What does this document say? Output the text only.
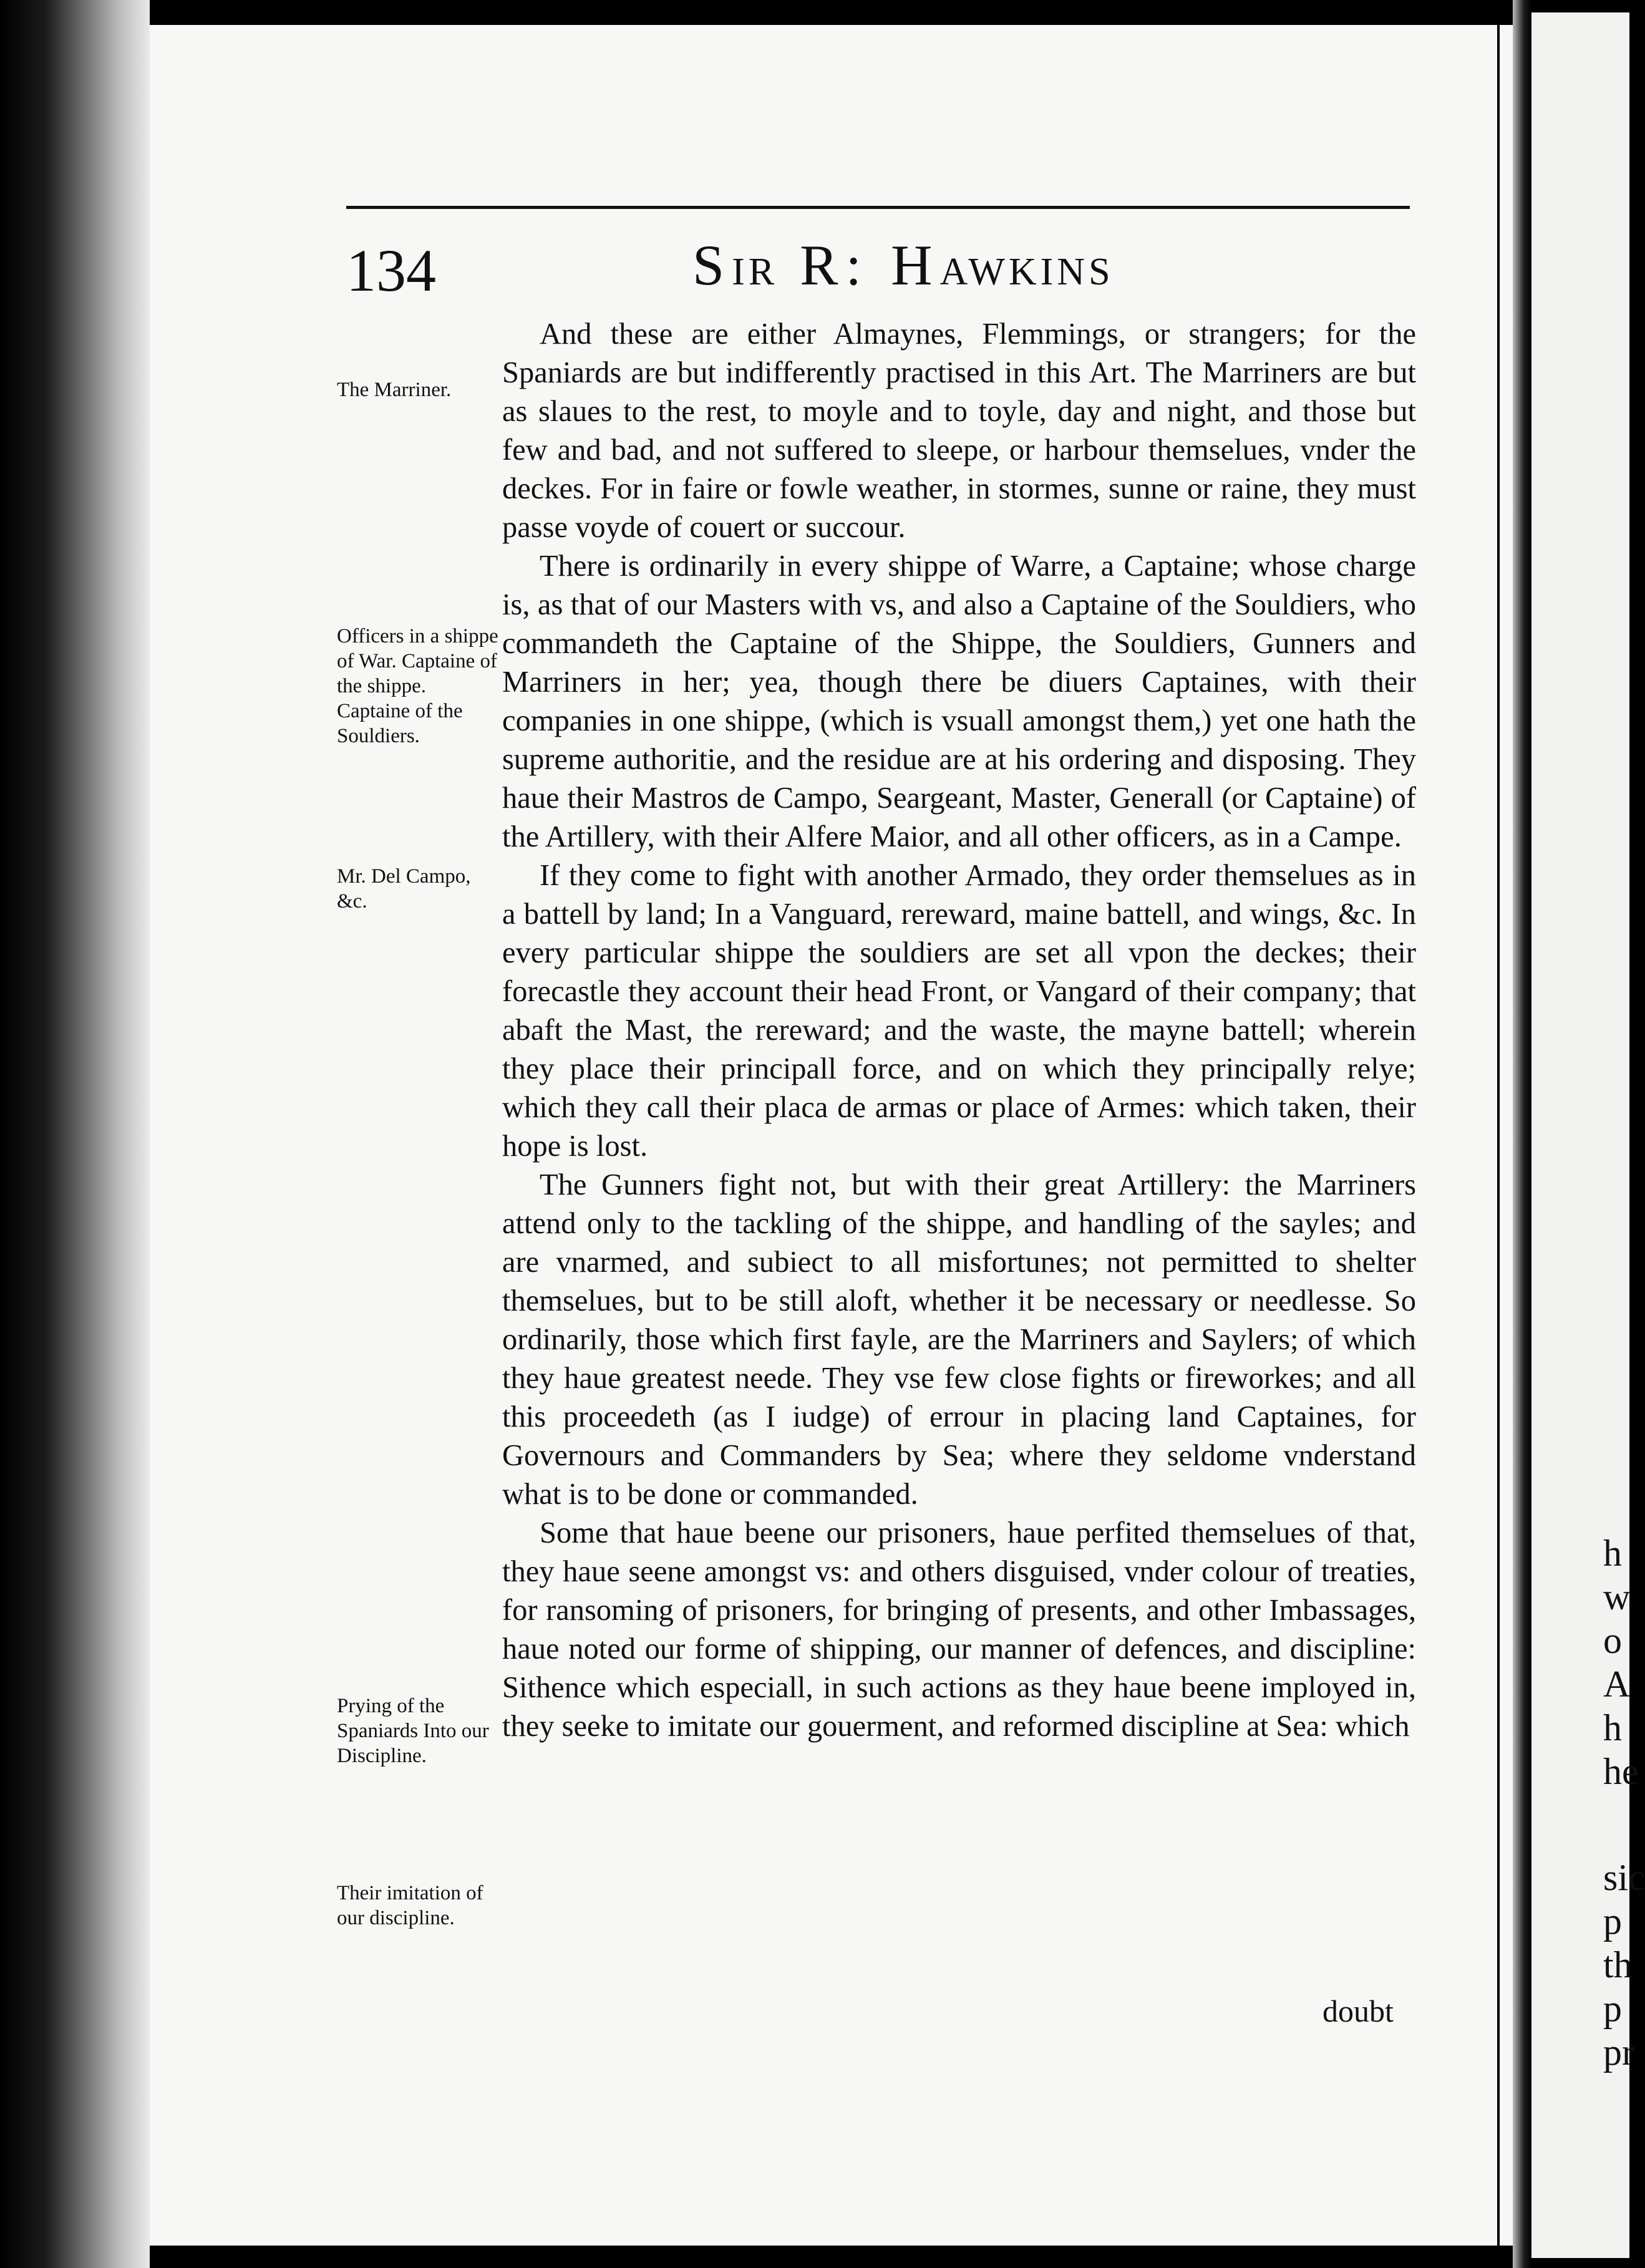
h
w
o
A
h
he
sic
p
th
p
pr
134	SIR R: HAWKINS

The Marriner.

Officers in a shippe of War. Captaine of the shippe. Captaine of the Souldiers.

Mr. Del Campo, &c.

Prying of the Spaniards Into our Discipline.

Their imitation of our discipline.

And these are either Almaynes, Flemmings, or strangers; for the Spaniards are but indifferently practised in this Art. The Marriners are but as slaues to the rest, to moyle and to toyle, day and night, and those but few and bad, and not suffered to sleepe, or harbour themselues, vnder the deckes. For in faire or fowle weather, in stormes, sunne or raine, they must passe voyde of couert or succour.

There is ordinarily in every shippe of Warre, a Captaine; whose charge is, as that of our Masters with vs, and also a Captaine of the Souldiers, who commandeth the Captaine of the Shippe, the Souldiers, Gunners and Marriners in her; yea, though there be diuers Captaines, with their companies in one shippe, (which is vsuall amongst them,) yet one hath the supreme authoritie, and the residue are at his ordering and disposing. They haue their Mastros de Campo, Seargeant, Master, Generall (or Captaine) of the Artillery, with their Alfere Maior, and all other officers, as in a Campe.

If they come to fight with another Armado, they order themselues as in a battell by land; In a Vanguard, rereward, maine battell, and wings, &c. In every particular shippe the souldiers are set all vpon the deckes; their forecastle they account their head Front, or Vangard of their company; that abaft the Mast, the rereward; and the waste, the mayne battell; wherein they place their principall force, and on which they principally relye; which they call their placa de armas or place of Armes: which taken, their hope is lost.

The Gunners fight not, but with their great Artillery: the Marriners attend only to the tackling of the shippe, and handling of the sayles; and are vnarmed, and subiect to all misfortunes; not permitted to shelter themselues, but to be still aloft, whether it be necessary or needlesse. So ordinarily, those which first fayle, are the Marriners and Saylers; of which they haue greatest neede. They vse few close fights or fireworkes; and all this proceedeth (as I iudge) of errour in placing land Captaines, for Governours and Commanders by Sea; where they seldome vnderstand what is to be done or commanded.

Some that haue beene our prisoners, haue perfited themselues of that, they haue seene amongst vs: and others disguised, vnder colour of treaties, for ransoming of prisoners, for bringing of presents, and other Imbassages, haue noted our forme of shipping, our manner of defences, and discipline: Sithence which especiall, in such actions as they haue beene imployed in, they seeke to imitate our gouerment, and reformed discipline at Sea: which

doubt
